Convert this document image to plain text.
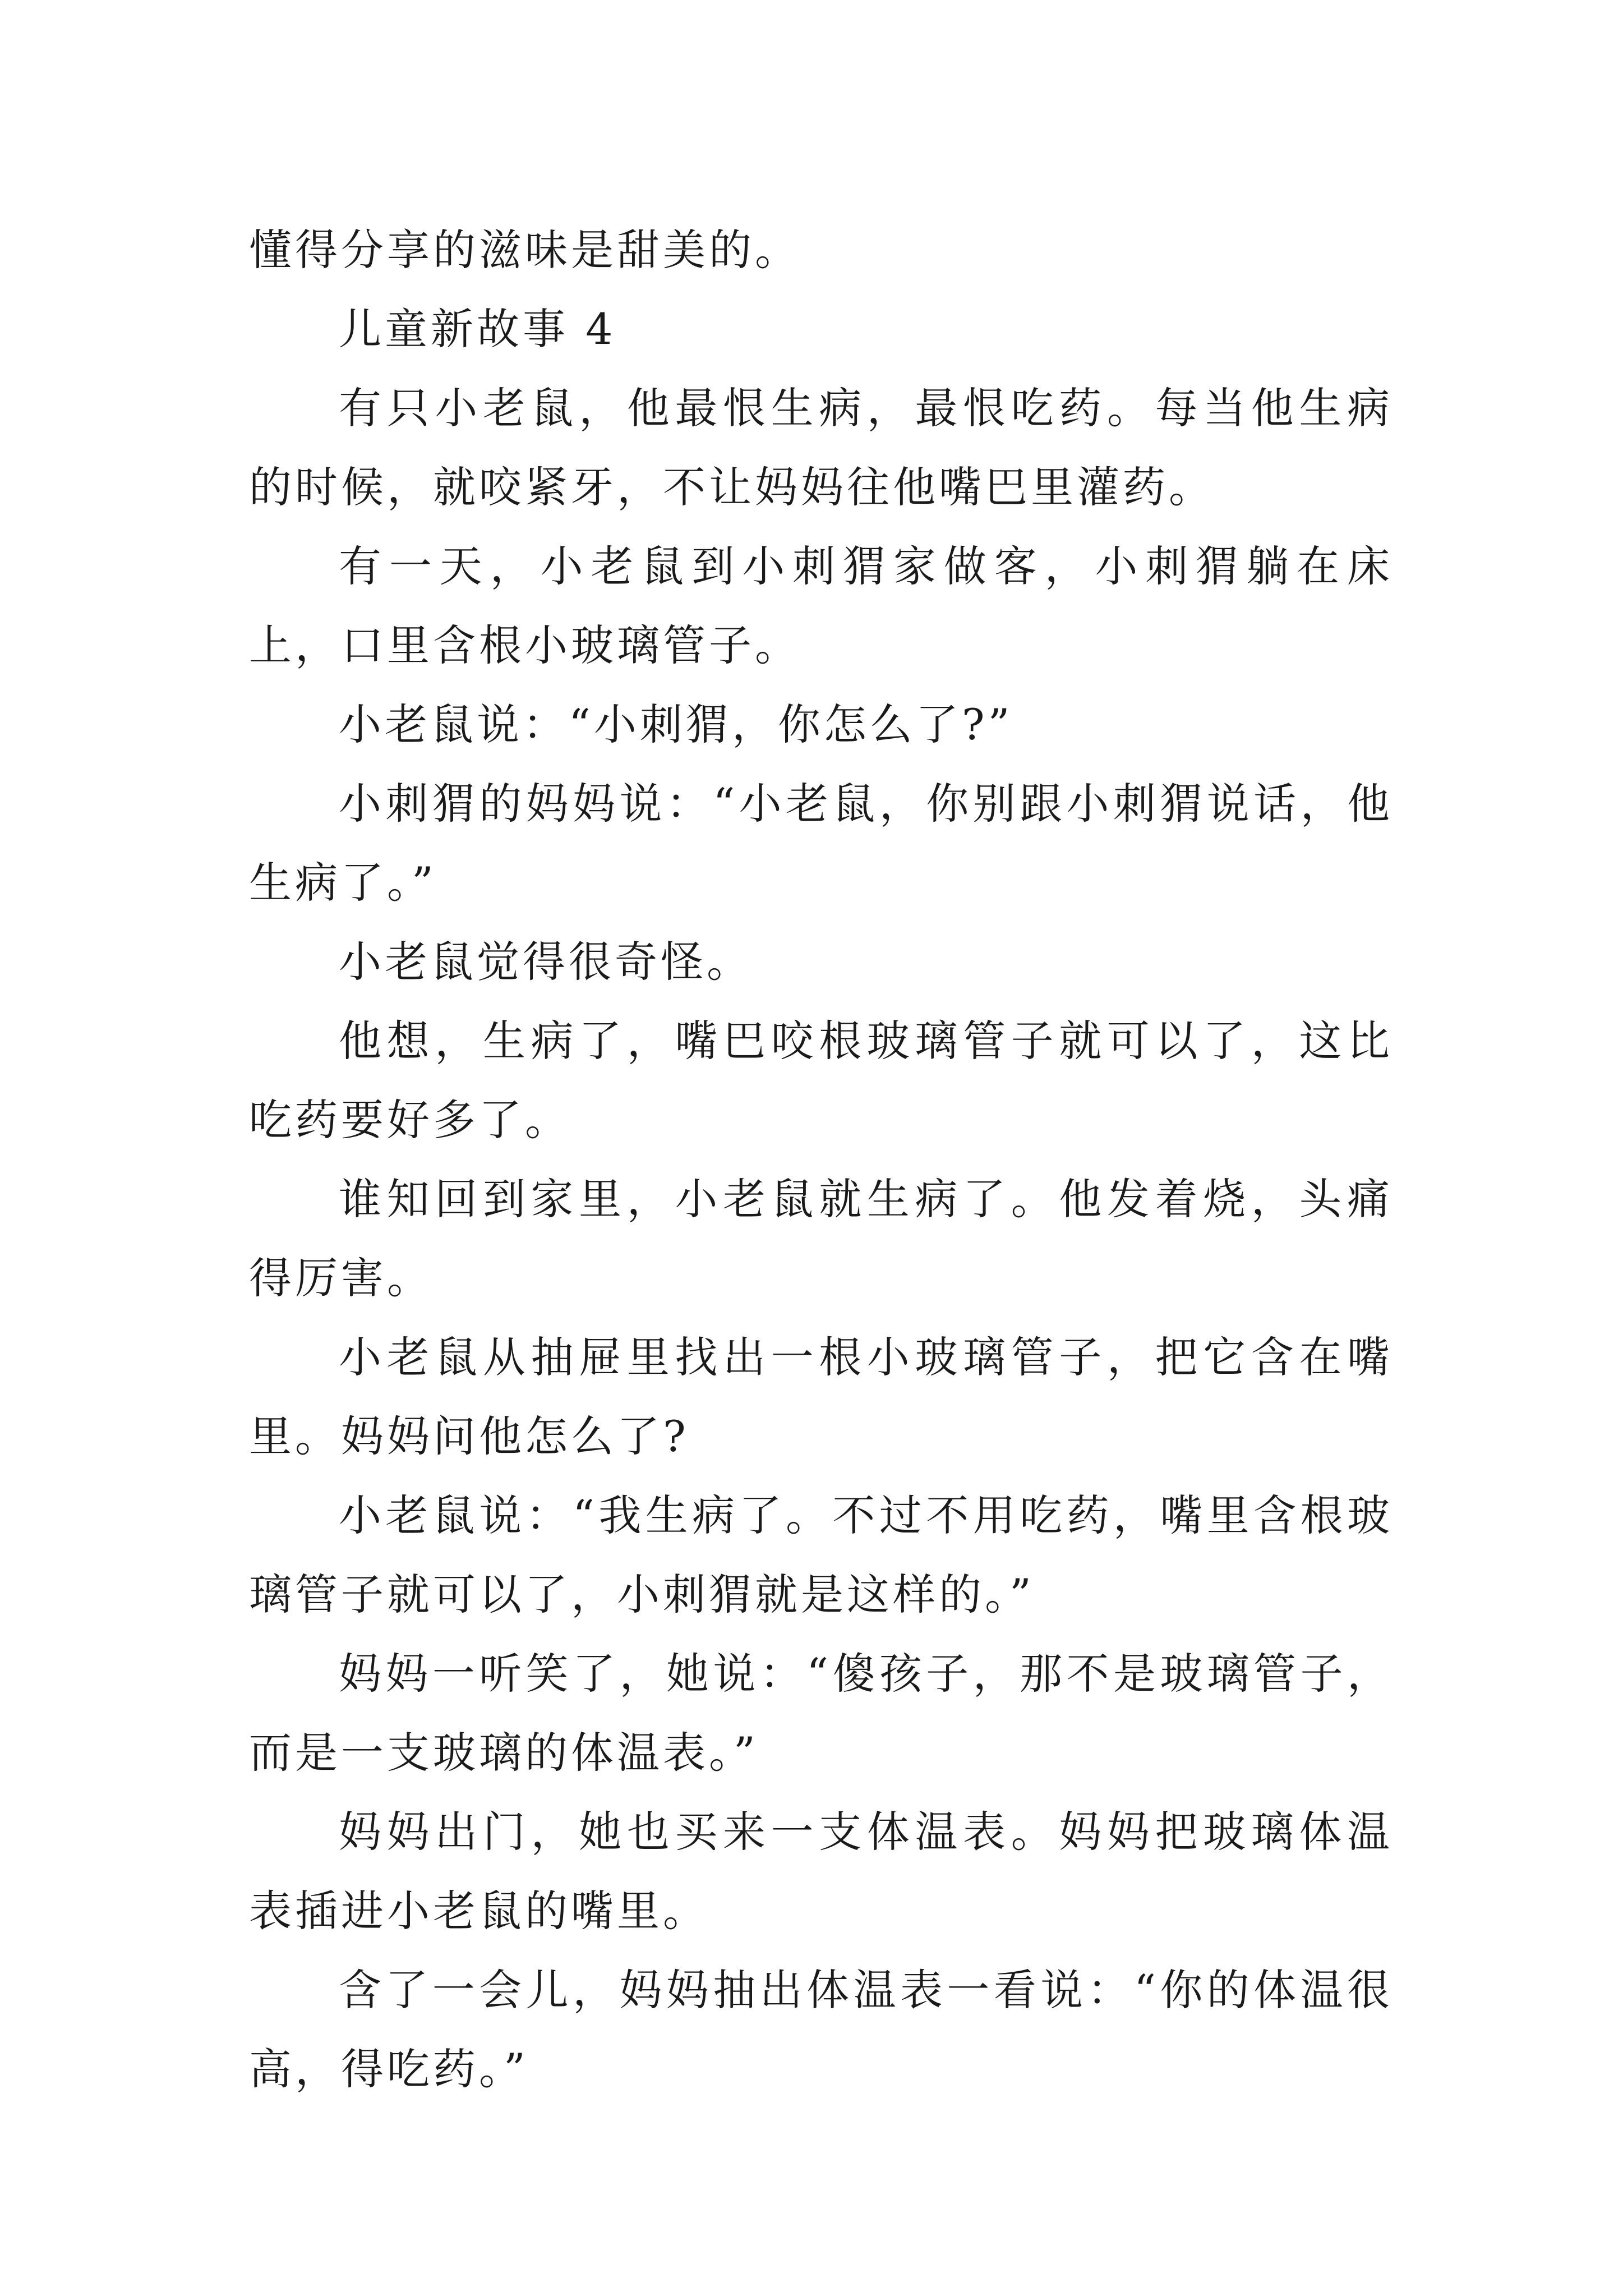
懂得分享的滋味是甜美的。

儿童新故事 4

有只小老鼠，他最恨生病，最恨吃药。每当他生病的时候，就咬紧牙，不让妈妈往他嘴巴里灌药。

有一天，小老鼠到小刺猬家做客，小刺猬躺在床上，口里含根小玻璃管子。

小老鼠说：“小刺猬，你怎么了?”

小刺猬的妈妈说：“小老鼠，你别跟小刺猬说话，他生病了。”

小老鼠觉得很奇怪。

他想，生病了，嘴巴咬根玻璃管子就可以了，这比吃药要好多了。

谁知回到家里，小老鼠就生病了。他发着烧，头痛得厉害。

小老鼠从抽屉里找出一根小玻璃管子，把它含在嘴里。妈妈问他怎么了?

小老鼠说：“我生病了。不过不用吃药，嘴里含根玻璃管子就可以了，小刺猬就是这样的。”

妈妈一听笑了，她说：“傻孩子，那不是玻璃管子，而是一支玻璃的体温表。”

妈妈出门，她也买来一支体温表。妈妈把玻璃体温表插进小老鼠的嘴里。

含了一会儿，妈妈抽出体温表一看说：“你的体温很高，得吃药。”
